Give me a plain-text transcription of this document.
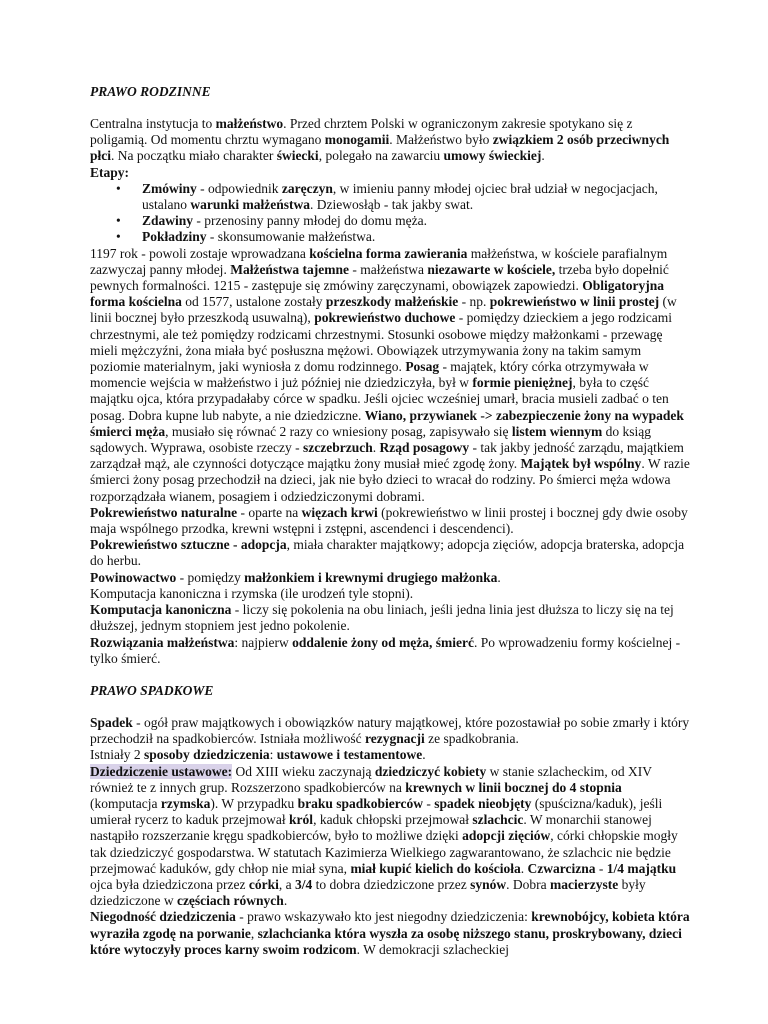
PRAWO RODZINNE

Centralna instytucja to małżeństwo. Przed chrztem Polski w ograniczonym zakresie spotykano się z poligamią. Od momentu chrztu wymagano monogamii. Małżeństwo było związkiem 2 osób przeciwnych płci. Na początku miało charakter świecki, polegało na zawarciu umowy świeckiej.

Etapy:

• Zmówiny - odpowiednik zaręczyn, w imieniu panny młodej ojciec brał udział w negocjacjach, ustalano warunki małżeństwa. Dziewosłąb - tak jakby swat.
• Zdawiny - przenosiny panny młodej do domu męża.
• Pokładziny - skonsumowanie małżeństwa.

1197 rok - powoli zostaje wprowadzana kościelna forma zawierania małżeństwa, w kościele parafialnym zazwyczaj panny młodej. Małżeństwa tajemne - małżeństwa niezawarte w kościele, trzeba było dopełnić pewnych formalności. 1215 - zastępuje się zmówiny zaręczynami, obowiązek zapowiedzi. Obligatoryjna forma kościelna od 1577, ustalone zostały przeszkody małżeńskie - np. pokrewieństwo w linii prostej (w linii bocznej było przeszkodą usuwalną), pokrewieństwo duchowe - pomiędzy dzieckiem a jego rodzicami chrzestnymi, ale też pomiędzy rodzicami chrzestnymi. Stosunki osobowe między małżonkami - przewagę mieli mężczyźni, żona miała być posłuszna mężowi. Obowiązek utrzymywania żony na takim samym poziomie materialnym, jaki wyniosła z domu rodzinnego. Posag - majątek, który córka otrzymywała w momencie wejścia w małżeństwo i już później nie dziedziczyła, był w formie pieniężnej, była to część majątku ojca, która przypadałaby córce w spadku. Jeśli ojciec wcześniej umarł, bracia musieli zadbać o ten posag. Dobra kupne lub nabyte, a nie dziedziczne. Wiano, przywianek -> zabezpieczenie żony na wypadek śmierci męża, musiało się równać 2 razy co wniesiony posag, zapisywało się listem wiennym do ksiąg sądowych. Wyprawa, osobiste rzeczy - szczebrzuch. Rząd posagowy - tak jakby jedność zarządu, majątkiem zarządzał mąż, ale czynności dotyczące majątku żony musiał mieć zgodę żony. Majątek był wspólny. W razie śmierci żony posag przechodził na dzieci, jak nie było dzieci to wracał do rodziny. Po śmierci męża wdowa rozporządzała wianem, posagiem i odziedziczonymi dobrami.

Pokrewieństwo naturalne - oparte na więzach krwi (pokrewieństwo w linii prostej i bocznej gdy dwie osoby maja wspólnego przodka, krewni wstępni i zstępni, ascendenci i descendenci).

Pokrewieństwo sztuczne - adopcja, miała charakter majątkowy; adopcja zięciów, adopcja braterska, adopcja do herbu.

Powinowactwo - pomiędzy małżonkiem i krewnymi drugiego małżonka.

Komputacja kanoniczna i rzymska (ile urodzeń tyle stopni).

Komputacja kanoniczna - liczy się pokolenia na obu liniach, jeśli jedna linia jest dłuższa to liczy się na tej dłuższej, jednym stopniem jest jedno pokolenie.

Rozwiązania małżeństwa: najpierw oddalenie żony od męża, śmierć. Po wprowadzeniu formy kościelnej - tylko śmierć.

PRAWO SPADKOWE

Spadek - ogół praw majątkowych i obowiązków natury majątkowej, które pozostawiał po sobie zmarły i który przechodził na spadkobierców. Istniała możliwość rezygnacji ze spadkobrania.

Istniały 2 sposoby dziedziczenia: ustawowe i testamentowe.

Dziedziczenie ustawowe: Od XIII wieku zaczynają dziedziczyć kobiety w stanie szlacheckim, od XIV również te z innych grup. Rozszerzono spadkobierców na krewnych w linii bocznej do 4 stopnia (komputacja rzymska). W przypadku braku spadkobierców - spadek nieobjęty (spuścizna/kaduk), jeśli umierał rycerz to kaduk przejmował król, kaduk chłopski przejmował szlachcic. W monarchii stanowej nastąpiło rozszerzanie kręgu spadkobierców, było to możliwe dzięki adopcji zięciów, córki chłopskie mogły tak dziedziczyć gospodarstwa. W statutach Kazimierza Wielkiego zagwarantowano, że szlachcic nie będzie przejmować kaduków, gdy chłop nie miał syna, miał kupić kielich do kościoła. Czwarcizna - 1/4 majątku ojca była dziedziczona przez córki, a 3/4 to dobra dziedziczone przez synów. Dobra macierzyste były dziedziczone w częściach równych.

Niegodność dziedziczenia - prawo wskazywało kto jest niegodny dziedziczenia: krewnobójcy, kobieta która wyraziła zgodę na porwanie, szlachcianka która wyszła za osobę niższego stanu, proskrybowany, dzieci które wytoczyły proces karny swoim rodzicom. W demokracji szlacheckiej
